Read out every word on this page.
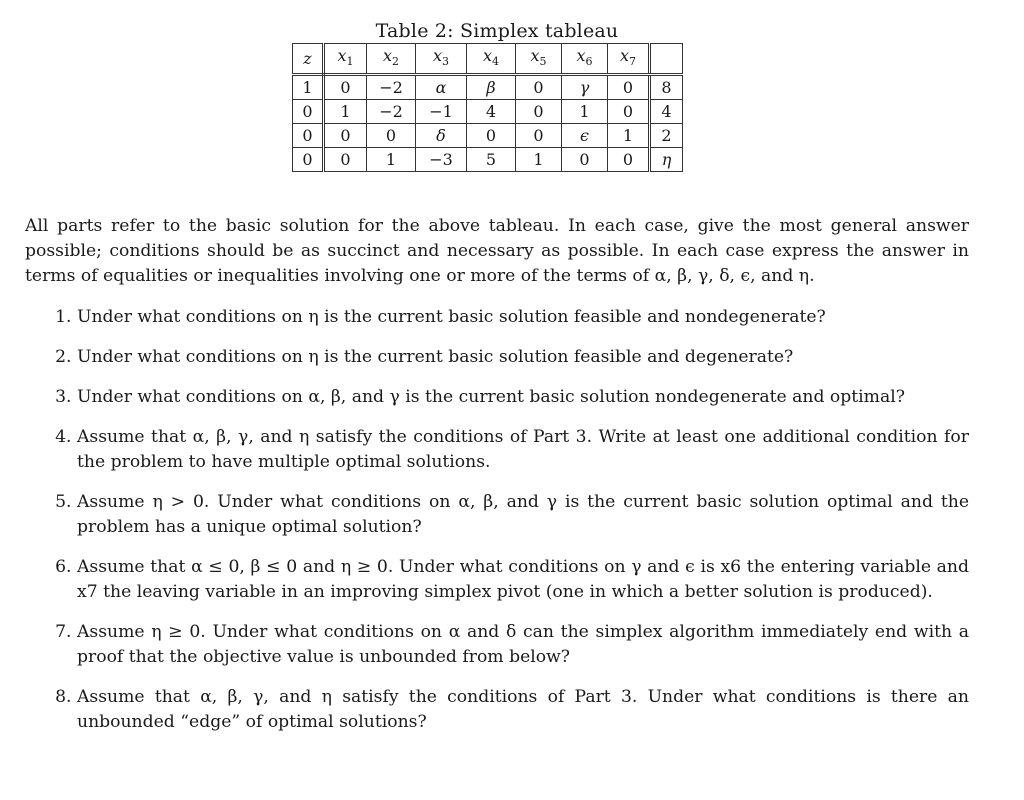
Table 2: Simplex tableau
z	$x_1$	$x_2$	$x_3$	$x_4$	$x_5$	$x_6$	$x_7$	
1	0	−2	α	β	0	γ	0	8
0	1	−2	−1	4	0	1	0	4
0	0	0	δ	0	0	ϵ	1	2
0	0	1	−3	5	1	0	0	η

All parts refer to the basic solution for the above tableau. In each case, give the most general answer possible; conditions should be as succinct and necessary as possible. In each case express the answer in terms of equalities or inequalities involving one or more of the terms of α, β, γ, δ, ϵ, and η.

1. Under what conditions on η is the current basic solution feasible and nondegenerate?
2. Under what conditions on η is the current basic solution feasible and degenerate?
3. Under what conditions on α, β, and γ is the current basic solution nondegenerate and optimal?
4. Assume that α, β, γ, and η satisfy the conditions of Part 3. Write at least one additional condition for the problem to have multiple optimal solutions.
5. Assume η > 0. Under what conditions on α, β, and γ is the current basic solution optimal and the problem has a unique optimal solution?
6. Assume that α ≤ 0, β ≤ 0 and η ≥ 0. Under what conditions on γ and ϵ is x6 the entering variable and x7 the leaving variable in an improving simplex pivot (one in which a better solution is produced).
7. Assume η ≥ 0. Under what conditions on α and δ can the simplex algorithm immediately end with a proof that the objective value is unbounded from below?
8. Assume that α, β, γ, and η satisfy the conditions of Part 3. Under what conditions is there an unbounded “edge” of optimal solutions?
